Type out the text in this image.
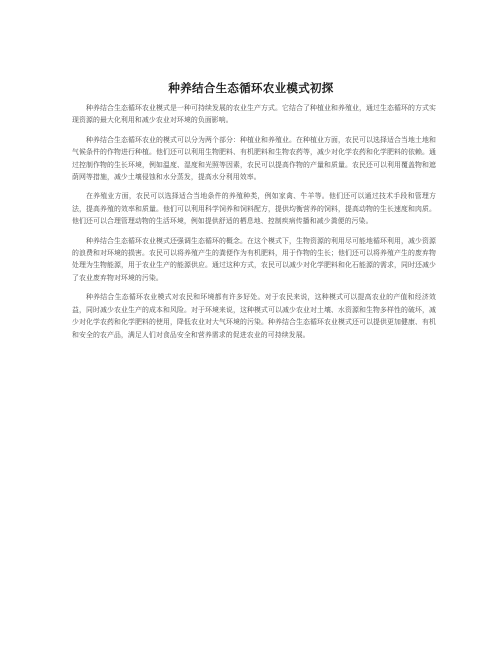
种养结合生态循环农业模式初探

种养结合生态循环农业模式是一种可持续发展的农业生产方式。它结合了种植业和养殖业，通过生态循环的方式实现资源的最大化利用和减少农业对环境的负面影响。

种养结合生态循环农业的模式可以分为两个部分：种植业和养殖业。在种植业方面，农民可以选择适合当地土地和气候条件的作物进行种植。他们还可以利用生物肥料、有机肥料和生物农药等，减少对化学农药和化学肥料的依赖。通过控制作物的生长环境，例如温度、湿度和光照等因素，农民可以提高作物的产量和质量。农民还可以利用覆盖物和遮荫网等措施，减少土壤侵蚀和水分蒸发，提高水分利用效率。

在养殖业方面，农民可以选择适合当地条件的养殖种类，例如家禽、牛羊等。他们还可以通过技术手段和管理方法，提高养殖的效率和质量。他们可以利用科学饲养和饲料配方，提供均衡营养的饲料，提高动物的生长速度和肉质。他们还可以合理管理动物的生活环境，例如提供舒适的栖息地、控制疾病传播和减少粪便的污染。

种养结合生态循环农业模式还强调生态循环的概念。在这个模式下，生物资源的利用尽可能地循环利用，减少资源的浪费和对环境的损害。农民可以将养殖产生的粪便作为有机肥料，用于作物的生长；他们还可以将养殖产生的废弃物处理为生物能源，用于农业生产的能源供应。通过这种方式，农民可以减少对化学肥料和化石能源的需求，同时还减少了农业废弃物对环境的污染。

种养结合生态循环农业模式对农民和环境都有许多好处。对于农民来说，这种模式可以提高农业的产值和经济效益，同时减少农业生产的成本和风险。对于环境来说，这种模式可以减少农业对土壤、水资源和生物多样性的破坏，减少对化学农药和化学肥料的使用，降低农业对大气环境的污染。种养结合生态循环农业模式还可以提供更加健康、有机和安全的农产品，满足人们对食品安全和营养需求的促进农业的可持续发展。
